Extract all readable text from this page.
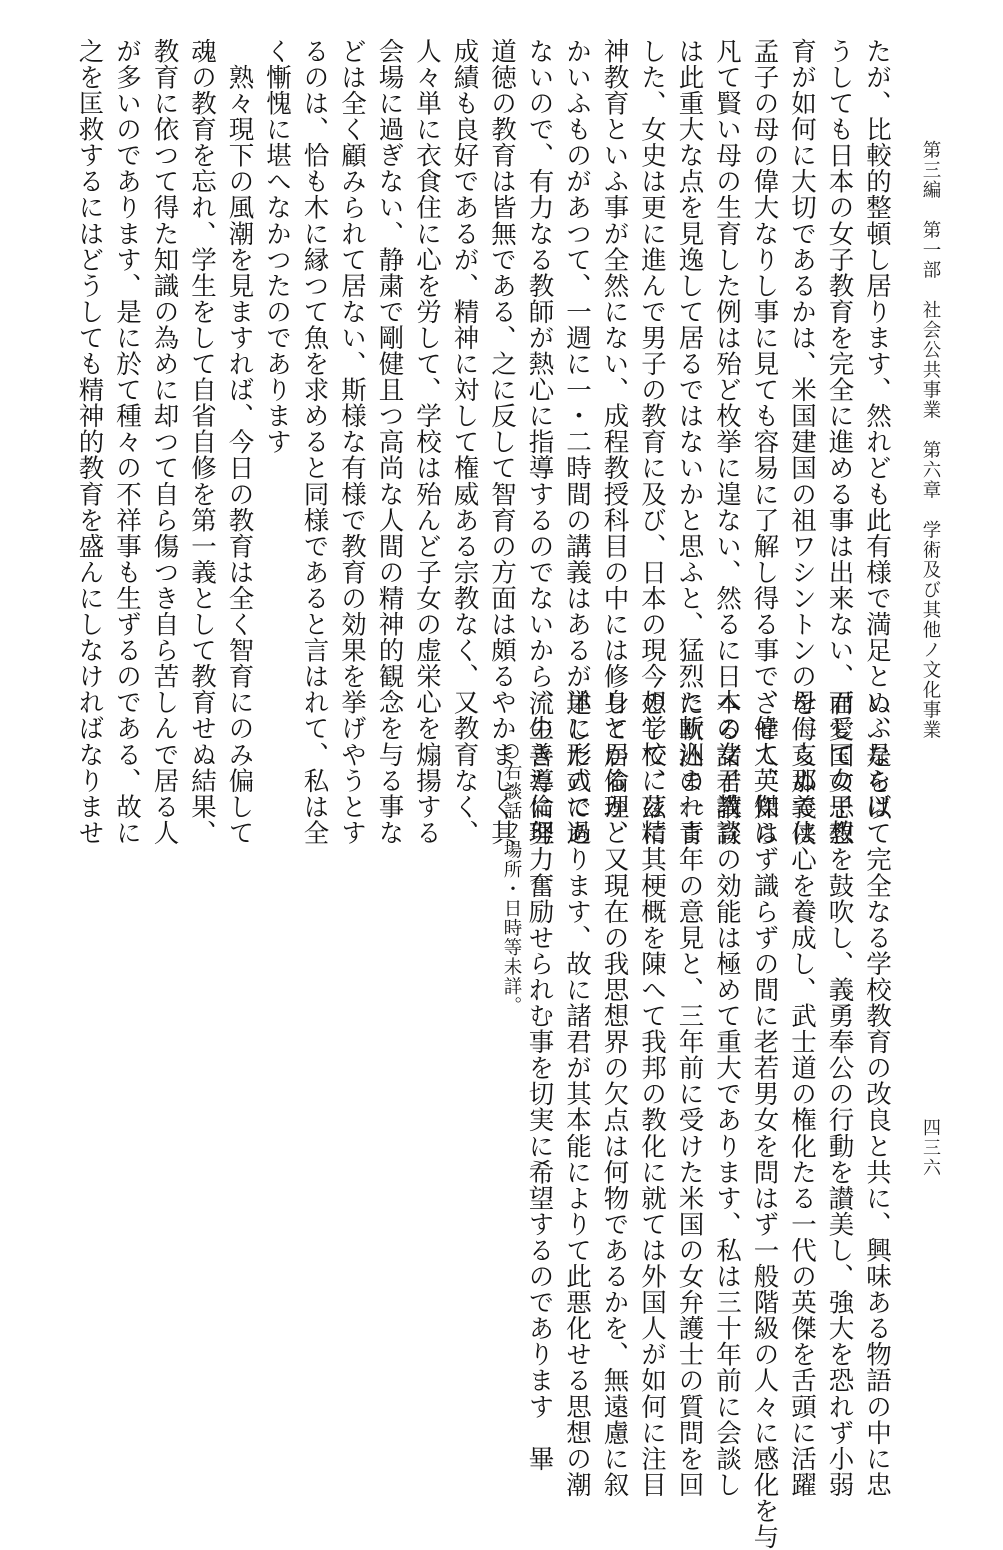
第三編　第一部　社会公共事業　第六章　学術及び其他ノ文化事業
四三六
たが、比較的整頓し居ります、然れども此有様で満足といふならば
うしても日本の女子教育を完全に進める事は出来ない、而して女子教
育が如何に大切であるかは、米国建国の祖ワシントンの母、支那では
孟子の母の偉大なりし事に見ても容易に了解し得る事で、偉人英傑は
凡て賢い母の生育した例は殆ど枚挙に遑ない、然るに日本の女子教育
は此重大な点を見逸して居るではないかと思ふと、猛烈に斬込まれま
した、女史は更に進んで男子の教育に及び、日本の現今の学校には精
神教育といふ事が全然にない、成程教授科目の中には修身とか倫理と
かいふものがあつて、一週に一・二時間の講義はあるが単に形式に過
ないので、有力なる教師が熱心に指導するのでないから、生きた倫理
道徳の教育は皆無である、之に反して智育の方面は頗るやかましく其
成績も良好であるが、精神に対して権威ある宗教なく、又教育なく、
人々単に衣食住に心を労して、学校は殆んど子女の虚栄心を煽揚する
会場に過ぎない、静粛で剛健且つ高尚な人間の精神的観念を与る事な
どは全く顧みられて居ない、斯様な有様で教育の効果を挙げやうとす
るのは、恰も木に縁つて魚を求めると同様であると言はれて、私は全
く慚愧に堪へなかつたのであります
　熟々現下の風潮を見ますれば、今日の教育は全く智育にのみ偏して
魂の教育を忘れ、学生をして自省自修を第一義として教育せぬ結果、
教育に依つて得た知識の為めに却つて自ら傷つき自ら苦しんで居る人
が多いのであります、是に於て種々の不祥事も生ずるのである、故に
之を匡救するにはどうしても精神的教育を盛んにしなければなりませ
ぬ、是を以て完全なる学校教育の改良と共に、興味ある物語の中に忠
君愛国の思想を鼓吹し、義勇奉公の行動を讃美し、強大を恐れず小弱
を侮らぬ義侠心を養成し、武士道の権化たる一代の英傑を舌頭に活躍
させて、知らず識らずの間に老若男女を問はず一般階級の人々に感化を与
へる諸君講談の効能は極めて重大であります、私は三十年前に会談し
た欧洲の一青年の意見と、三年前に受けた米国の女弁護士の質問を回
想して、茲に其梗概を陳へて我邦の教化に就ては外国人が如何に注目
して居るか、又現在の我思想界の欠点は何物であるかを、無遠慮に叙
述したのであります、故に諸君が其本能によりて此悪化せる思想の潮
流の善導に努力奮励せられむ事を切実に希望するのであります　畢
○右談話ノ場所・日時等未詳。
